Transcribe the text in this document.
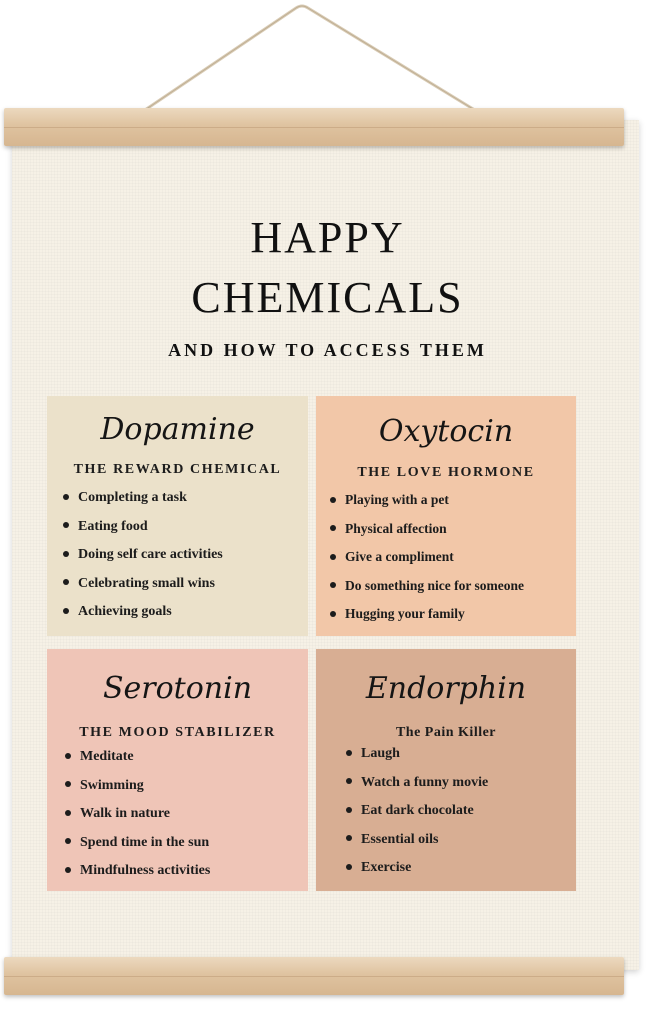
HAPPY
CHEMICALS
AND HOW TO ACCESS THEM
Dopamine
THE REWARD CHEMICAL
Completing a task
Eating food
Doing self care activities
Celebrating small wins
Achieving goals
Oxytocin
THE LOVE HORMONE
Playing with a pet
Physical affection
Give a compliment
Do something nice for someone
Hugging your family
Serotonin
THE MOOD STABILIZER
Meditate
Swimming
Walk in nature
Spend time in the sun
Mindfulness activities
Endorphin
The Pain Killer
Laugh
Watch a funny movie
Eat dark chocolate
Essential oils
Exercise
